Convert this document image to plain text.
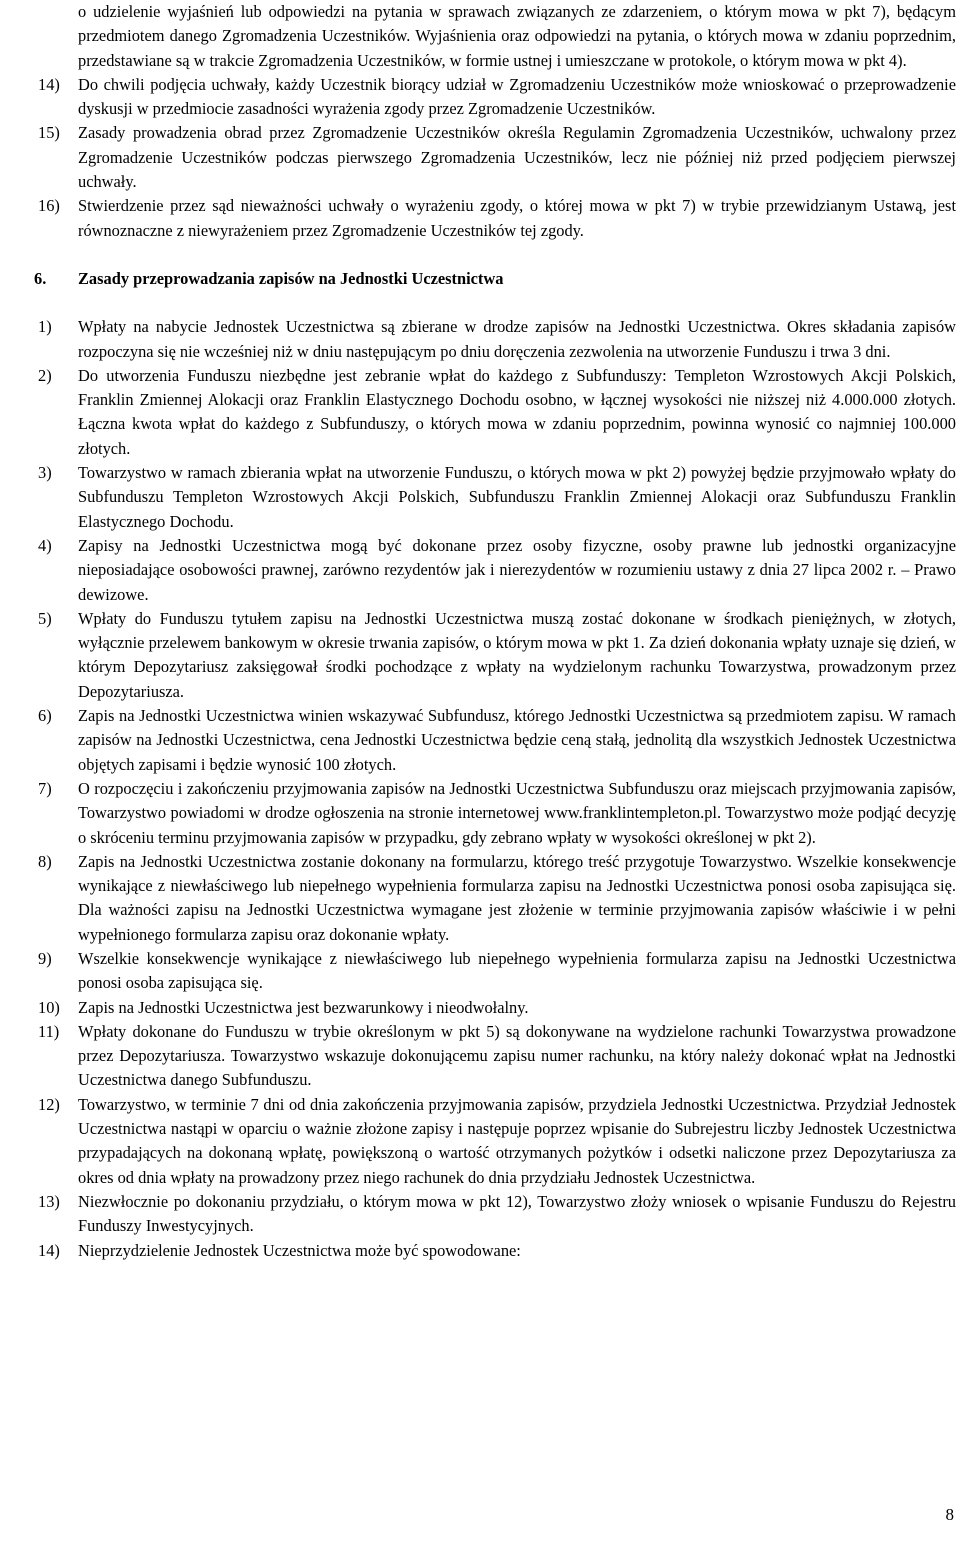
o udzielenie wyjaśnień lub odpowiedzi na pytania w sprawach związanych ze zdarzeniem, o którym mowa w pkt 7), będącym przedmiotem danego Zgromadzenia Uczestników. Wyjaśnienia oraz odpowiedzi na pytania, o których mowa w zdaniu poprzednim, przedstawiane są w trakcie Zgromadzenia Uczestników, w formie ustnej i umieszczane w protokole, o którym mowa w pkt 4).
14) Do chwili podjęcia uchwały, każdy Uczestnik biorący udział w Zgromadzeniu Uczestników może wnioskować o przeprowadzenie dyskusji w przedmiocie zasadności wyrażenia zgody przez Zgromadzenie Uczestników.
15) Zasady prowadzenia obrad przez Zgromadzenie Uczestników określa Regulamin Zgromadzenia Uczestników, uchwalony przez Zgromadzenie Uczestników podczas pierwszego Zgromadzenia Uczestników, lecz nie później niż przed podjęciem pierwszej uchwały.
16) Stwierdzenie przez sąd nieważności uchwały o wyrażeniu zgody, o której mowa w pkt 7) w trybie przewidzianym Ustawą, jest równoznaczne z niewyrażeniem przez Zgromadzenie Uczestników tej zgody.
6. Zasady przeprowadzania zapisów na Jednostki Uczestnictwa
1) Wpłaty na nabycie Jednostek Uczestnictwa są zbierane w drodze zapisów na Jednostki Uczestnictwa. Okres składania zapisów rozpoczyna się nie wcześniej niż w dniu następującym po dniu doręczenia zezwolenia na utworzenie Funduszu i trwa 3 dni.
2) Do utworzenia Funduszu niezbędne jest zebranie wpłat do każdego z Subfunduszy: Templeton Wzrostowych Akcji Polskich, Franklin Zmiennej Alokacji oraz Franklin Elastycznego Dochodu osobno, w łącznej wysokości nie niższej niż 4.000.000 złotych. Łączna kwota wpłat do każdego z Subfunduszy, o których mowa w zdaniu poprzednim, powinna wynosić co najmniej 100.000 złotych.
3) Towarzystwo w ramach zbierania wpłat na utworzenie Funduszu, o których mowa w pkt 2) powyżej będzie przyjmowało wpłaty do Subfunduszu Templeton Wzrostowych Akcji Polskich, Subfunduszu Franklin Zmiennej Alokacji oraz Subfunduszu Franklin Elastycznego Dochodu.
4) Zapisy na Jednostki Uczestnictwa mogą być dokonane przez osoby fizyczne, osoby prawne lub jednostki organizacyjne nieposiadające osobowości prawnej, zarówno rezydentów jak i nierezydentów w rozumieniu ustawy z dnia 27 lipca 2002 r. – Prawo dewizowe.
5) Wpłaty do Funduszu tytułem zapisu na Jednostki Uczestnictwa muszą zostać dokonane w środkach pieniężnych, w złotych, wyłącznie przelewem bankowym w okresie trwania zapisów, o którym mowa w pkt 1. Za dzień dokonania wpłaty uznaje się dzień, w którym Depozytariusz zaksięgował środki pochodzące z wpłaty na wydzielonym rachunku Towarzystwa, prowadzonym przez Depozytariusza.
6) Zapis na Jednostki Uczestnictwa winien wskazywać Subfundusz, którego Jednostki Uczestnictwa są przedmiotem zapisu. W ramach zapisów na Jednostki Uczestnictwa, cena Jednostki Uczestnictwa będzie ceną stałą, jednolitą dla wszystkich Jednostek Uczestnictwa objętych zapisami i będzie wynosić 100 złotych.
7) O rozpoczęciu i zakończeniu przyjmowania zapisów na Jednostki Uczestnictwa Subfunduszu oraz miejscach przyjmowania zapisów, Towarzystwo powiadomi w drodze ogłoszenia na stronie internetowej www.franklintempleton.pl. Towarzystwo może podjąć decyzję o skróceniu terminu przyjmowania zapisów w przypadku, gdy zebrano wpłaty w wysokości określonej w pkt 2).
8) Zapis na Jednostki Uczestnictwa zostanie dokonany na formularzu, którego treść przygotuje Towarzystwo. Wszelkie konsekwencje wynikające z niewłaściwego lub niepełnego wypełnienia formularza zapisu na Jednostki Uczestnictwa ponosi osoba zapisująca się. Dla ważności zapisu na Jednostki Uczestnictwa wymagane jest złożenie w terminie przyjmowania zapisów właściwie i w pełni wypełnionego formularza zapisu oraz dokonanie wpłaty.
9) Wszelkie konsekwencje wynikające z niewłaściwego lub niepełnego wypełnienia formularza zapisu na Jednostki Uczestnictwa ponosi osoba zapisująca się.
10) Zapis na Jednostki Uczestnictwa jest bezwarunkowy i nieodwołalny.
11) Wpłaty dokonane do Funduszu w trybie określonym w pkt 5) są dokonywane na wydzielone rachunki Towarzystwa prowadzone przez Depozytariusza. Towarzystwo wskazuje dokonującemu zapisu numer rachunku, na który należy dokonać wpłat na Jednostki Uczestnictwa danego Subfunduszu.
12) Towarzystwo, w terminie 7 dni od dnia zakończenia przyjmowania zapisów, przydziela Jednostki Uczestnictwa. Przydział Jednostek Uczestnictwa nastąpi w oparciu o ważnie złożone zapisy i następuje poprzez wpisanie do Subrejestru liczby Jednostek Uczestnictwa przypadających na dokonaną wpłatę, powiększoną o wartość otrzymanych pożytków i odsetki naliczone przez Depozytariusza za okres od dnia wpłaty na prowadzony przez niego rachunek do dnia przydziału Jednostek Uczestnictwa.
13) Niezwłocznie po dokonaniu przydziału, o którym mowa w pkt 12), Towarzystwo złoży wniosek o wpisanie Funduszu do Rejestru Funduszy Inwestycyjnych.
14) Nieprzydzielenie Jednostek Uczestnictwa może być spowodowane:
8
